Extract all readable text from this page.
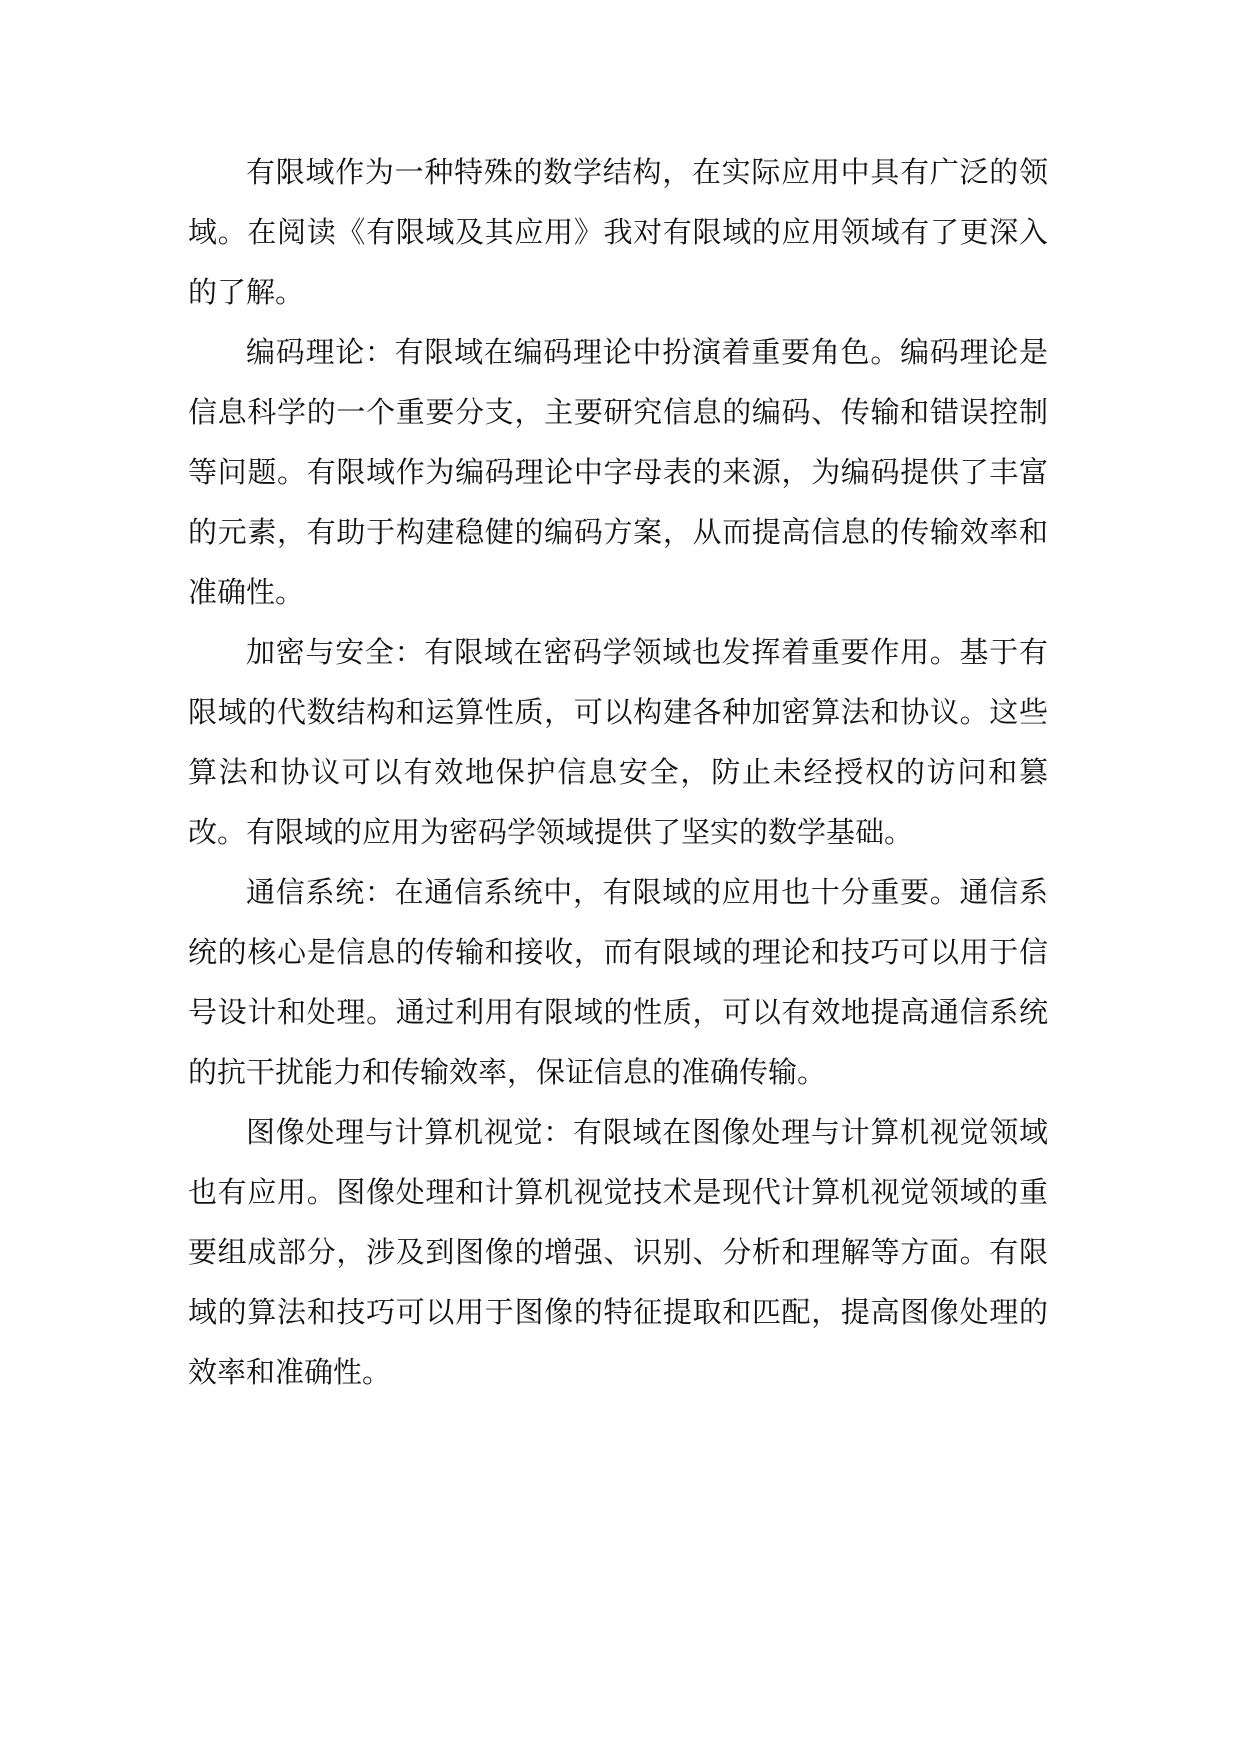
有限域作为一种特殊的数学结构，在实际应用中具有广泛的领域。在阅读《有限域及其应用》我对有限域的应用领域有了更深入的了解。

编码理论：有限域在编码理论中扮演着重要角色。编码理论是信息科学的一个重要分支，主要研究信息的编码、传输和错误控制等问题。有限域作为编码理论中字母表的来源，为编码提供了丰富的元素，有助于构建稳健的编码方案，从而提高信息的传输效率和准确性。

加密与安全：有限域在密码学领域也发挥着重要作用。基于有限域的代数结构和运算性质，可以构建各种加密算法和协议。这些算法和协议可以有效地保护信息安全，防止未经授权的访问和篡改。有限域的应用为密码学领域提供了坚实的数学基础。

通信系统：在通信系统中，有限域的应用也十分重要。通信系统的核心是信息的传输和接收，而有限域的理论和技巧可以用于信号设计和处理。通过利用有限域的性质，可以有效地提高通信系统的抗干扰能力和传输效率，保证信息的准确传输。

图像处理与计算机视觉：有限域在图像处理与计算机视觉领域也有应用。图像处理和计算机视觉技术是现代计算机视觉领域的重要组成部分，涉及到图像的增强、识别、分析和理解等方面。有限域的算法和技巧可以用于图像的特征提取和匹配，提高图像处理的效率和准确性。
